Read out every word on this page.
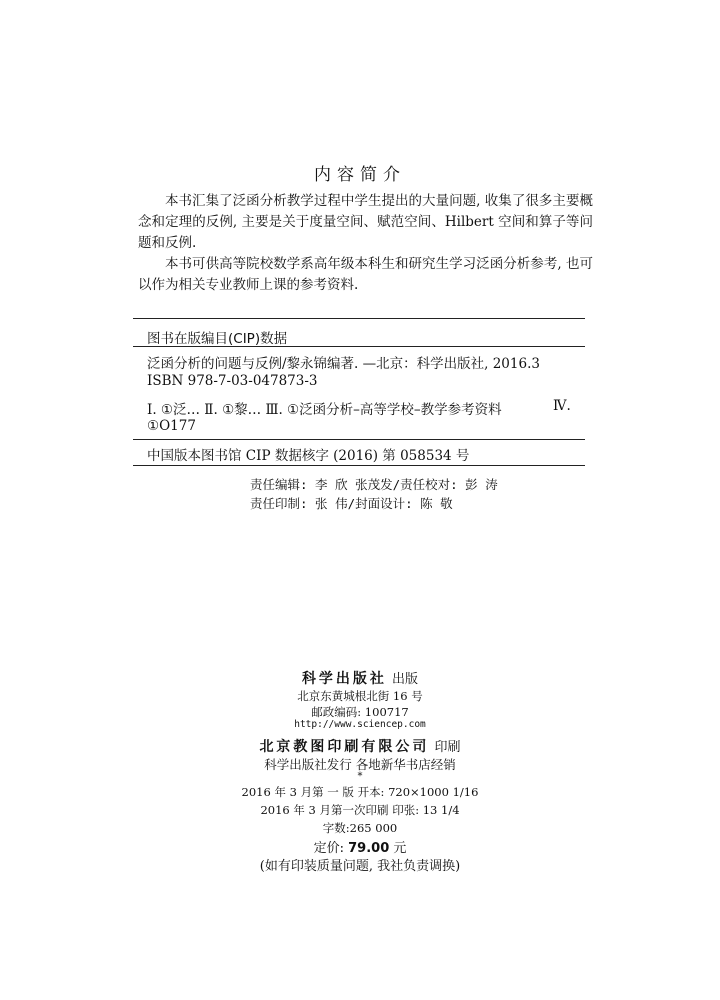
内容简介
本书汇集了泛函分析教学过程中学生提出的大量问题, 收集了很多主要概念和定理的反例, 主要是关于度量空间、赋范空间、Hilbert 空间和算子等问题和反例.
本书可供高等院校数学系高年级本科生和研究生学习泛函分析参考, 也可以作为相关专业教师上课的参考资料.
图书在版编目(CIP)数据
泛函分析的问题与反例/黎永锦编著. —北京：科学出版社, 2016.3
ISBN 978-7-03-047873-3
Ⅰ. ①泛… Ⅱ. ①黎… Ⅲ. ①泛函分析–高等学校–教学参考资料	Ⅳ.
①O177
中国版本图书馆 CIP 数据核字 (2016) 第 058534 号
责任编辑: 李 欣 张茂发/责任校对: 彭 涛
责任印制: 张 伟/封面设计: 陈 敬
科学出版社 出版
北京东黄城根北街 16 号
邮政编码: 100717
http://www.sciencep.com
北京教图印刷有限公司 印刷
科学出版社发行 各地新华书店经销
*
2016 年 3 月第 一 版 开本: 720×1000 1/16
2016 年 3 月第一次印刷 印张: 13 1/4
字数:265 000
定价: 79.00 元
(如有印装质量问题, 我社负责调换)
